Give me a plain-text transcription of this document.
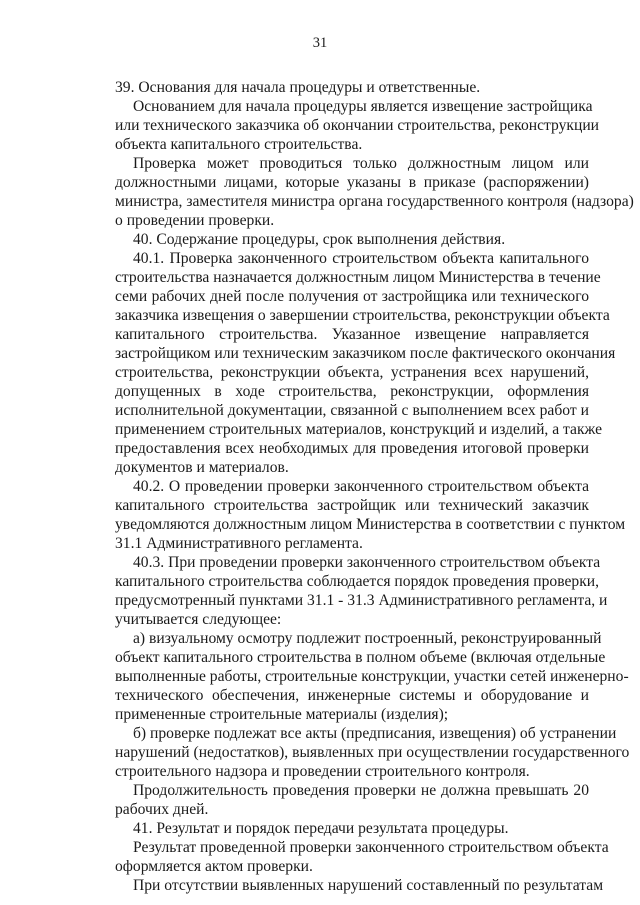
31
39. Основания для начала процедуры и ответственные.
Основанием для начала процедуры является извещение застройщика
или технического заказчика об окончании строительства, реконструкции
объекта капитального строительства.
Проверка может проводиться только должностным лицом или
должностными лицами, которые указаны в приказе (распоряжении)
министра, заместителя министра органа государственного контроля (надзора)
о проведении проверки.
40. Содержание процедуры, срок выполнения действия.
40.1. Проверка законченного строительством объекта капитального
строительства назначается должностным лицом Министерства в течение
семи рабочих дней после получения от застройщика или технического
заказчика извещения о завершении строительства, реконструкции объекта
капитального строительства. Указанное извещение направляется
застройщиком или техническим заказчиком после фактического окончания
строительства, реконструкции объекта, устранения всех нарушений,
допущенных в ходе строительства, реконструкции, оформления
исполнительной документации, связанной с выполнением всех работ и
применением строительных материалов, конструкций и изделий, а также
предоставления всех необходимых для проведения итоговой проверки
документов и материалов.
40.2. О проведении проверки законченного строительством объекта
капитального строительства застройщик или технический заказчик
уведомляются должностным лицом Министерства в соответствии с пунктом
31.1 Административного регламента.
40.3. При проведении проверки законченного строительством объекта
капитального строительства соблюдается порядок проведения проверки,
предусмотренный пунктами 31.1 - 31.3 Административного регламента, и
учитывается следующее:
а) визуальному осмотру подлежит построенный, реконструированный
объект капитального строительства в полном объеме (включая отдельные
выполненные работы, строительные конструкции, участки сетей инженерно-
технического обеспечения, инженерные системы и оборудование и
примененные строительные материалы (изделия);
б) проверке подлежат все акты (предписания, извещения) об устранении
нарушений (недостатков), выявленных при осуществлении государственного
строительного надзора и проведении строительного контроля.
Продолжительность проведения проверки не должна превышать 20
рабочих дней.
41. Результат и порядок передачи результата процедуры.
Результат проведенной проверки законченного строительством объекта
оформляется актом проверки.
При отсутствии выявленных нарушений составленный по результатам
